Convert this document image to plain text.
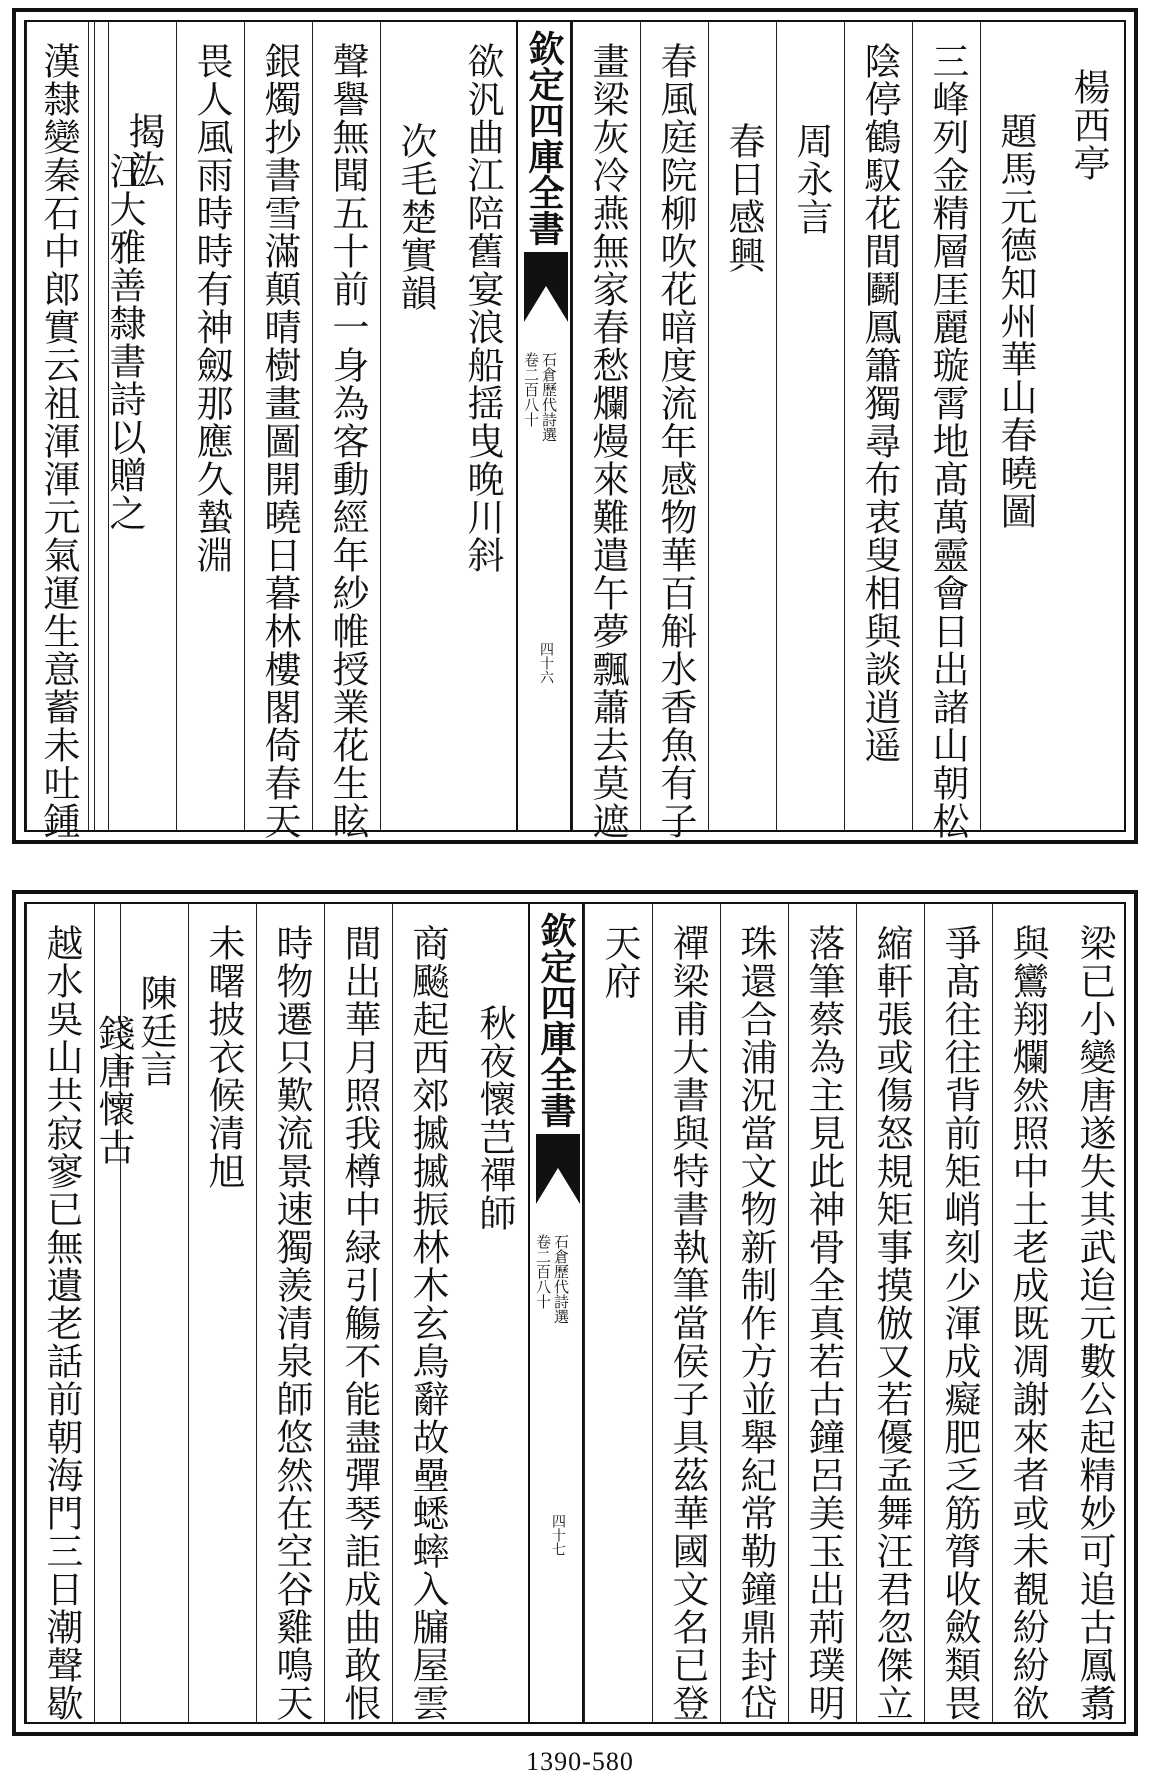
楊西亭
題馬元德知州華山春曉圖
三峰列金精層厓麗璇霄地髙萬靈會日出諸山朝松
陰停鶴馭花間鬬鳳簫獨尋布衷叟相與談逍遥
周永言
春日感興
春風庭院柳吹花暗度流年感物華百斛水香魚有子
畫梁灰冷燕無家春愁爛熳來難遣午夢飄蕭去莫遮
欽定四庫全書
石倉歷代詩選
卷二百八十
四十六
欲汎曲江陪舊宴浪船揺曳晚川斜
次毛楚實韻
聲譽無聞五十前一身為客動經年紗帷授業花生眩
銀燭抄書雪滿顛晴樹畫圖開曉日暮林樓閣倚春天
畏人風雨時時有神劔那應久蟄淵
揭汯
漢隸變秦石中郎實云祖渾渾元氣運生意蓄未吐鍾 汪大雅善隸書詩以贈之
梁已小變唐遂失其武迨元數公起精妙可追古鳳翥
與鸞翔爛然照中土老成既凋謝來者或未覩紛紛欲
爭髙往往背前矩峭刻少渾成癡肥乏筋膂收斂類畏
縮軒張或傷怒規矩事摸倣又若優孟舞汪君忽傑立
落筆蔡為主見此神骨全真若古鐘呂美玉出荊璞明
珠還合浦況當文物新制作方並舉紀常勒鐘鼎封岱
禪梁甫大書與特書執筆當侯子具茲華國文名已登
天府
欽定四庫全書
石倉歷代詩選
卷二百八十
四十七
秋夜懷芑禪師
商飈起西郊摵摵振林木玄鳥辭故壘蟋蟀入牖屋雲
間出華月照我樽中緑引觴不能盡彈琴詎成曲敢恨
時物遷只歎流景速獨羨清泉師悠然在空谷雞鳴天
未曙披衣候清旭
陳廷言
錢唐懷古
越水吳山共寂寥已無遺老話前朝海門三日潮聲歇
1390-580
